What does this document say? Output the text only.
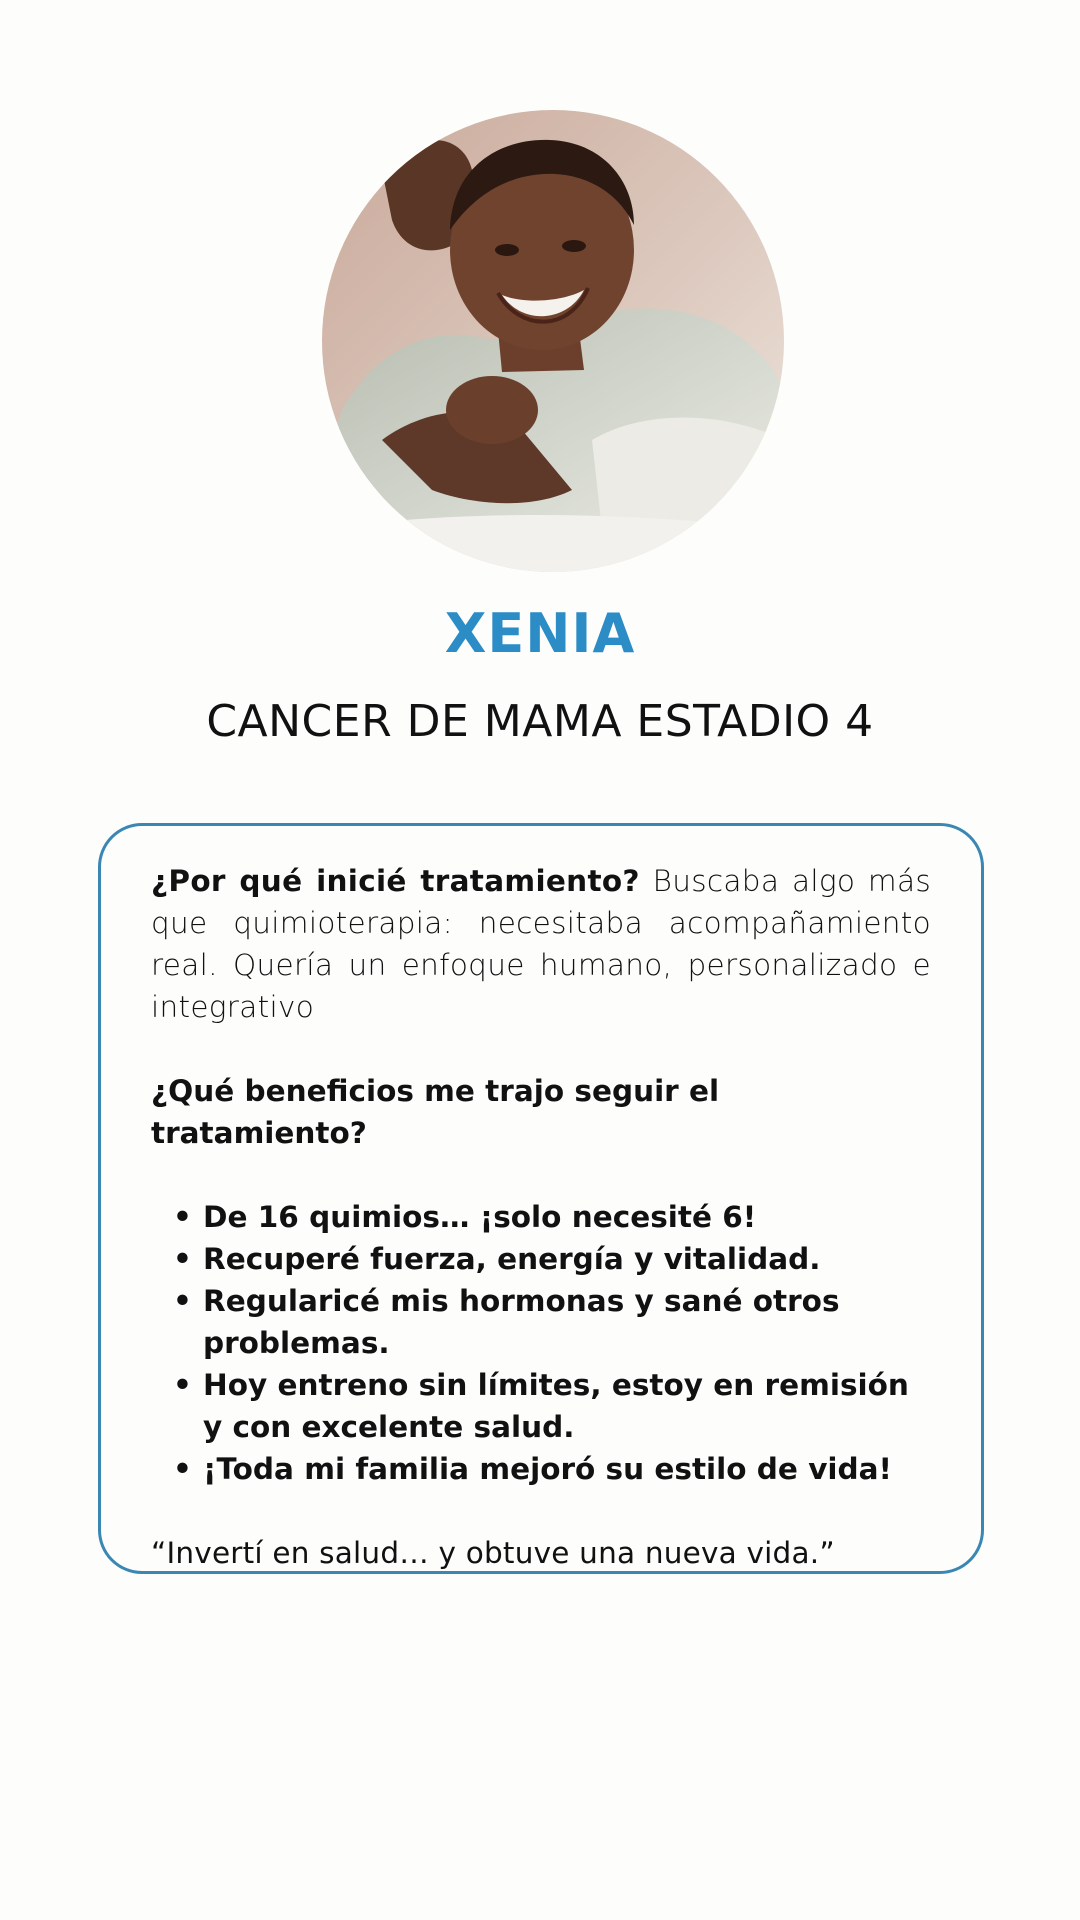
XENIA
CANCER DE MAMA ESTADIO 4

¿Por qué inicié tratamiento? Buscaba algo más que quimioterapia: necesitaba acompañamiento real. Quería un enfoque humano, personalizado e integrativo

¿Qué beneficios me trajo seguir el tratamiento?

• De 16 quimios… ¡solo necesité 6!
• Recuperé fuerza, energía y vitalidad.
• Regularicé mis hormonas y sané otros problemas.
• Hoy entreno sin límites, estoy en remisión y con excelente salud.
• ¡Toda mi familia mejoró su estilo de vida!

“Invertí en salud… y obtuve una nueva vida.”
